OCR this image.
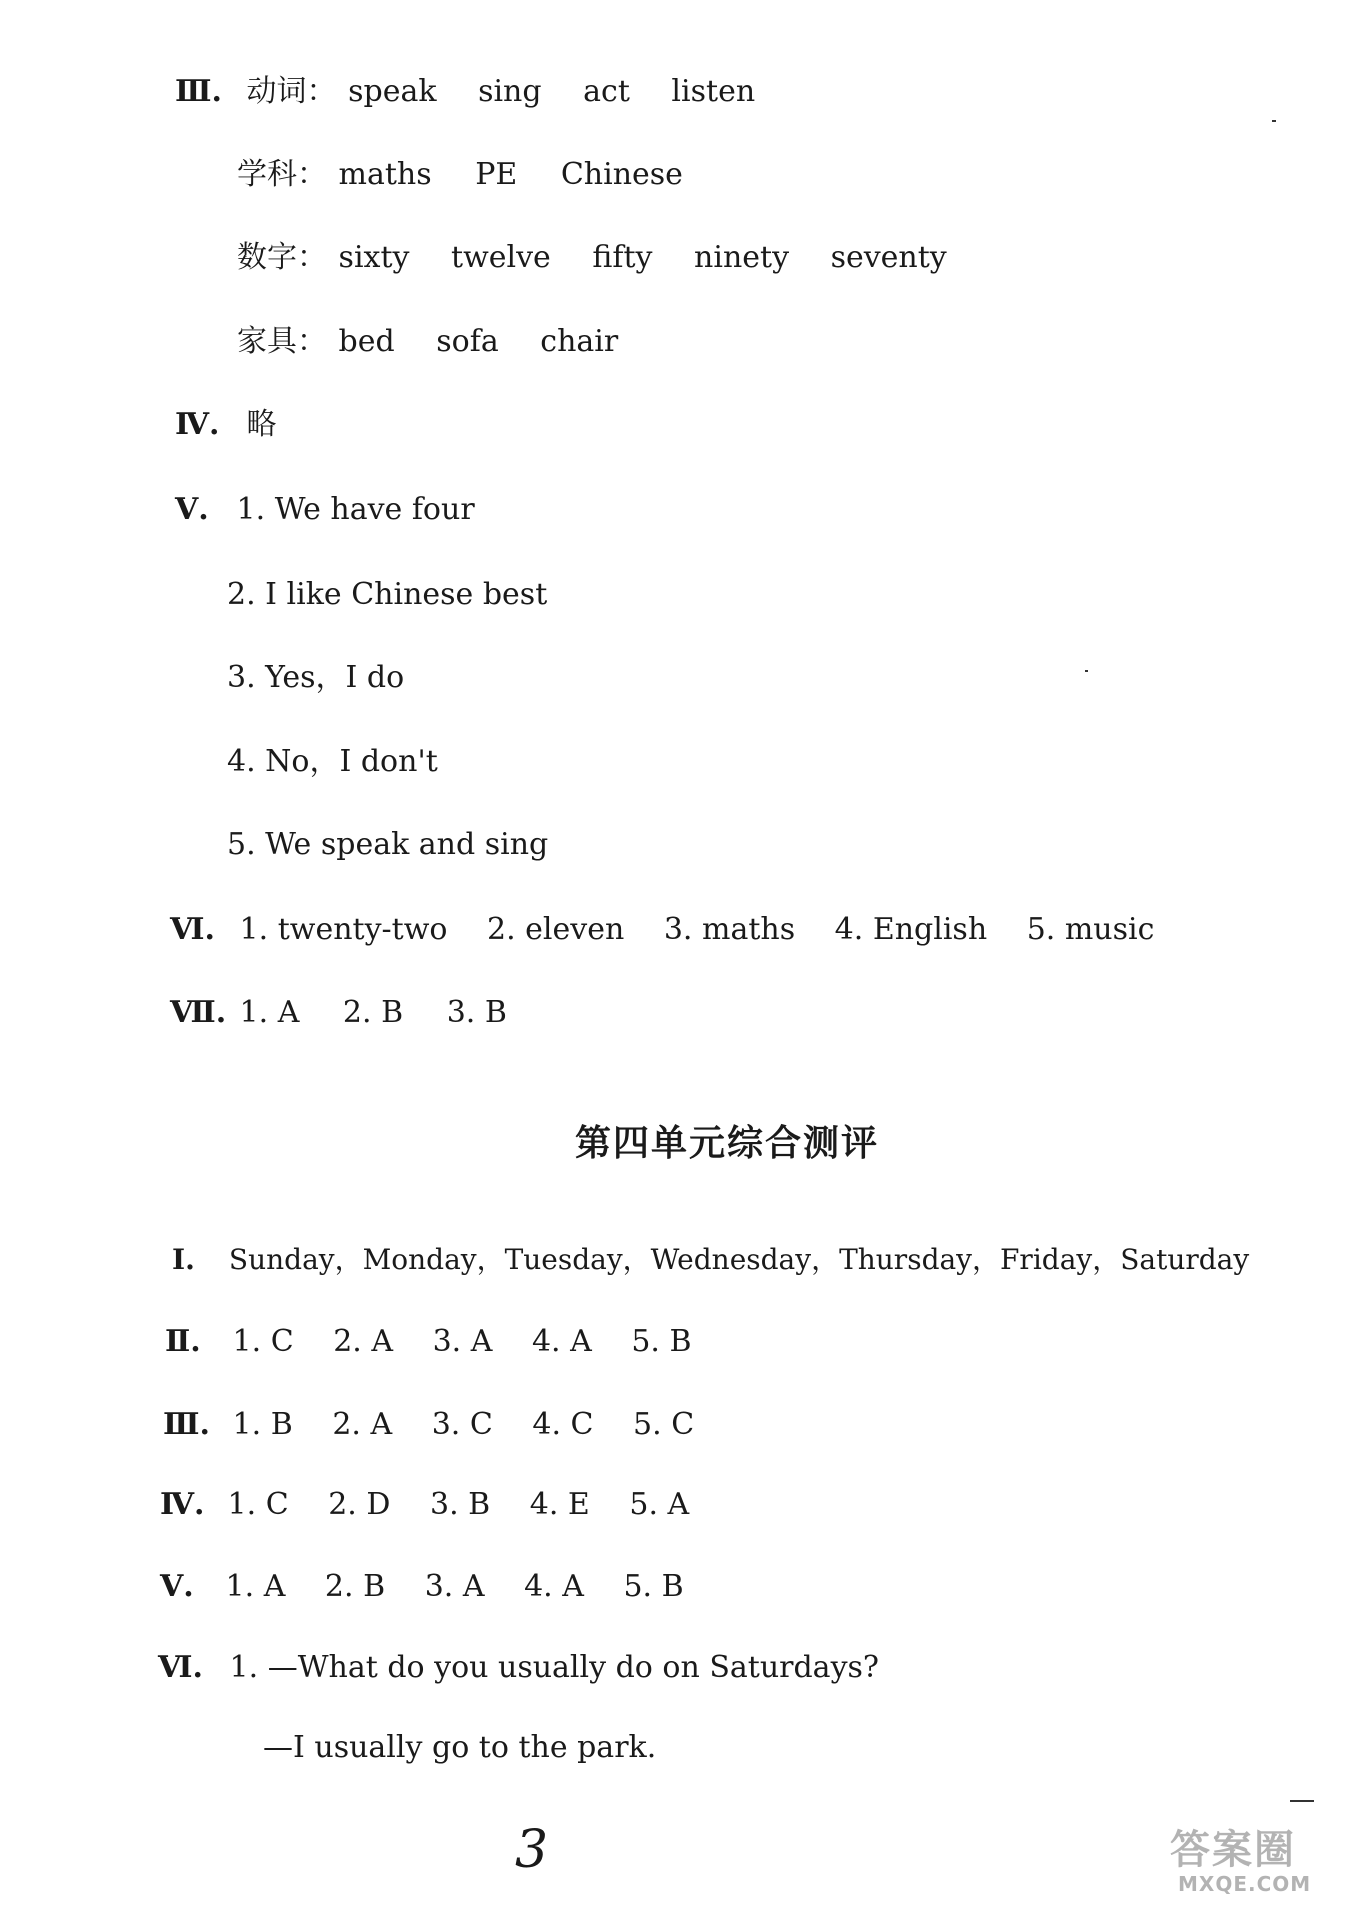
Ⅲ. 动词： speak sing act listen
学科： maths PE Chinese
数字： sixty twelve fifty ninety seventy
家具： bed sofa chair
Ⅳ. 略
Ⅴ. 1. We have four
2. I like Chinese best
3. Yes，I do
4. No，I don't
5. We speak and sing
Ⅵ. 1. twenty-two 2. eleven 3. maths 4. English 5. music
Ⅶ. 1. A 2. B 3. B
第四单元综合测评
Ⅰ. Sunday，Monday，Tuesday，Wednesday，Thursday，Friday，Saturday
Ⅱ. 1. C 2. A 3. A 4. A 5. B
Ⅲ. 1. B 2. A 3. C 4. C 5. C
Ⅳ. 1. C 2. D 3. B 4. E 5. A
Ⅴ. 1. A 2. B 3. A 4. A 5. B
Ⅵ. 1. —What do you usually do on Saturdays?
—I usually go to the park.
3	答案圈
MXQE.COM
